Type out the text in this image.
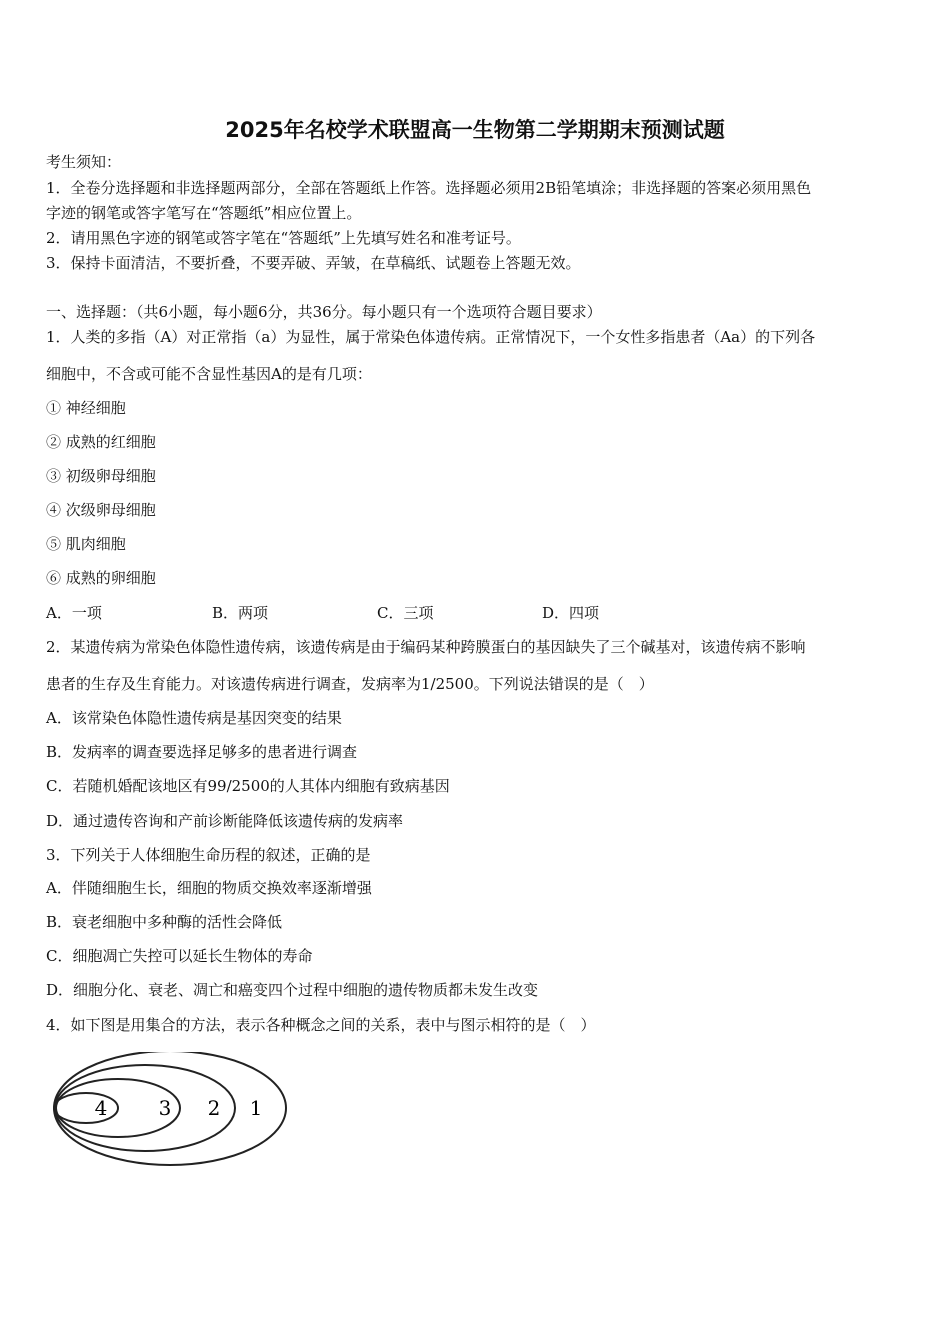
2025年名校学术联盟高一生物第二学期期末预测试题
考生须知：
1．全卷分选择题和非选择题两部分，全部在答题纸上作答。选择题必须用2B铅笔填涂；非选择题的答案必须用黑色
字迹的钢笔或答字笔写在“答题纸”相应位置上。
2．请用黑色字迹的钢笔或答字笔在“答题纸”上先填写姓名和准考证号。
3．保持卡面清洁，不要折叠，不要弄破、弄皱，在草稿纸、试题卷上答题无效。
一、选择题：（共6小题，每小题6分，共36分。每小题只有一个选项符合题目要求）
1．人类的多指（A）对正常指（a）为显性，属于常染色体遗传病。正常情况下，一个女性多指患者（Aa）的下列各
细胞中，不含或可能不含显性基因A的是有几项：
① 神经细胞
② 成熟的红细胞
③ 初级卵母细胞
④ 次级卵母细胞
⑤ 肌肉细胞
⑥ 成熟的卵细胞
A．一项	B．两项	C．三项	D．四项
2．某遗传病为常染色体隐性遗传病，该遗传病是由于编码某种跨膜蛋白的基因缺失了三个碱基对，该遗传病不影响
患者的生存及生育能力。对该遗传病进行调查，发病率为1/2500。下列说法错误的是（　）
A．该常染色体隐性遗传病是基因突变的结果
B．发病率的调查要选择足够多的患者进行调查
C．若随机婚配该地区有99/2500的人其体内细胞有致病基因
D．通过遗传咨询和产前诊断能降低该遗传病的发病率
3．下列关于人体细胞生命历程的叙述，正确的是
A．伴随细胞生长，细胞的物质交换效率逐渐增强
B．衰老细胞中多种酶的活性会降低
C．细胞凋亡失控可以延长生物体的寿命
D．细胞分化、衰老、凋亡和癌变四个过程中细胞的遗传物质都未发生改变
4．如下图是用集合的方法，表示各种概念之间的关系，表中与图示相符的是（　）
4	3 2 1
